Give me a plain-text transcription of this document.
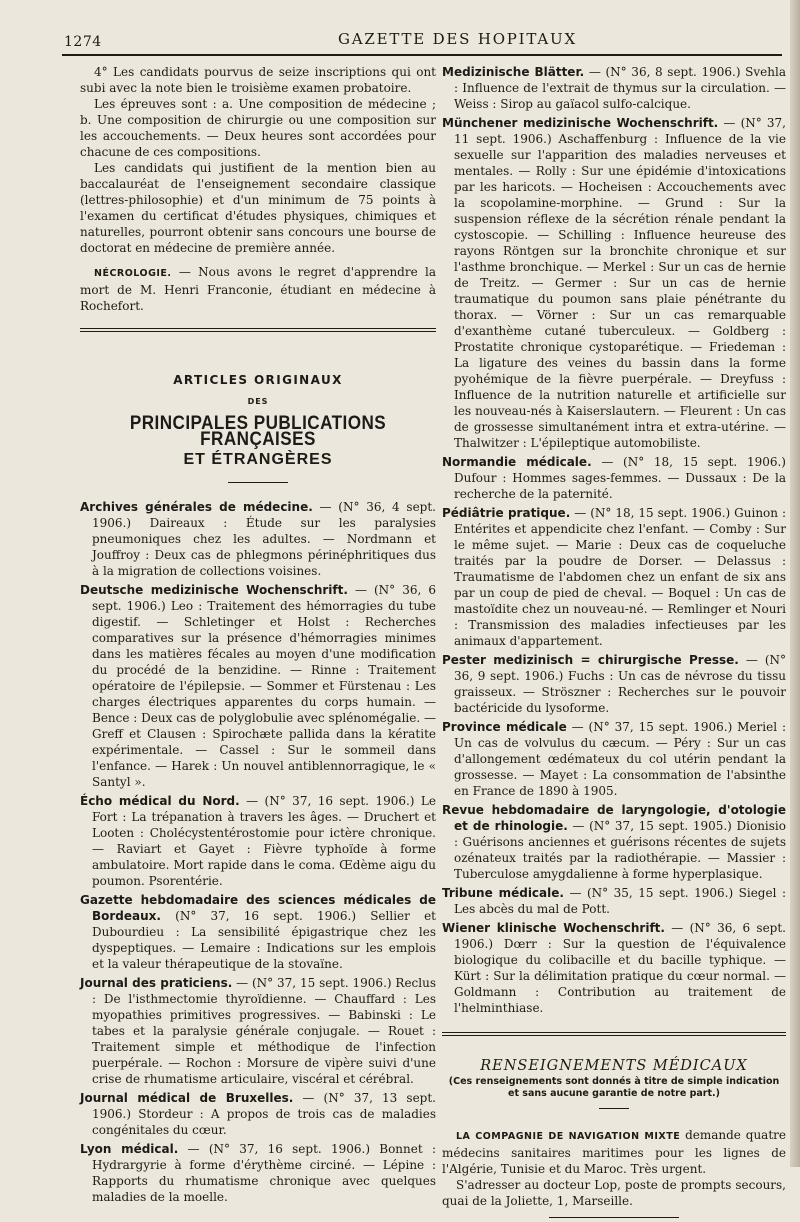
1274	GAZETTE DES HOPITAUX

4° Les candidats pourvus de seize inscriptions qui ont subi avec la note bien le troisième examen probatoire.

Les épreuves sont : a. Une composition de médecine ; b. Une composition de chirurgie ou une composition sur les accouchements. — Deux heures sont accordées pour chacune de ces compositions.

Les candidats qui justifient de la mention bien au baccalauréat de l'enseignement secondaire classique (lettres-philosophie) et d'un minimum de 75 points à l'examen du certificat d'études physiques, chimiques et naturelles, pourront obtenir sans concours une bourse de doctorat en médecine de première année.

NÉCROLOGIE. — Nous avons le regret d'apprendre la mort de M. Henri Franconie, étudiant en médecine à Rochefort.

ARTICLES ORIGINAUX
DES
PRINCIPALES PUBLICATIONS FRANÇAISES
ET ÉTRANGÈRES

Archives générales de médecine. — (N° 36, 4 sept. 1906.) Daireaux : Étude sur les paralysies pneumoniques chez les adultes. — Nordmann et Jouffroy : Deux cas de phlegmons périnéphritiques dus à la migration de collections voisines.

Deutsche medizinische Wochenschrift. — (N° 36, 6 sept. 1906.) Leo : Traitement des hémorragies du tube digestif. — Schletinger et Holst : Recherches comparatives sur la présence d'hémorragies minimes dans les matières fécales au moyen d'une modification du procédé de la benzidine. — Rinne : Traitement opératoire de l'épilepsie. — Sommer et Fürstenau : Les charges électriques apparentes du corps humain. — Bence : Deux cas de polyglobulie avec splénomégalie. — Greff et Clausen : Spirochæte pallida dans la kératite expérimentale. — Cassel : Sur le sommeil dans l'enfance. — Harek : Un nouvel antiblennorragique, le « Santyl ».

Écho médical du Nord. — (N° 37, 16 sept. 1906.) Le Fort : La trépanation à travers les âges. — Druchert et Looten : Cholécystentérostomie pour ictère chronique. — Raviart et Gayet : Fièvre typhoïde à forme ambulatoire. Mort rapide dans le coma. Œdème aigu du poumon. Psorentérie.

Gazette hebdomadaire des sciences médicales de Bordeaux. (N° 37, 16 sept. 1906.) Sellier et Dubourdieu : La sensibilité épigastrique chez les dyspeptiques. — Lemaire : Indications sur les emplois et la valeur thérapeutique de la stovaïne.

Journal des praticiens. — (N° 37, 15 sept. 1906.) Reclus : De l'isthmectomie thyroïdienne. — Chauffard : Les myopathies primitives progressives. — Babinski : Le tabes et la paralysie générale conjugale. — Rouet : Traitement simple et méthodique de l'infection puerpérale. — Rochon : Morsure de vipère suivi d'une crise de rhumatisme articulaire, viscéral et cérébral.

Journal médical de Bruxelles. — (N° 37, 13 sept. 1906.) Stordeur : A propos de trois cas de maladies congénitales du cœur.

Lyon médical. — (N° 37, 16 sept. 1906.) Bonnet : Hydrargyrie à forme d'érythème circiné. — Lépine : Rapports du rhumatisme chronique avec quelques maladies de la moelle.

Medizinische Blätter. — (N° 36, 8 sept. 1906.) Svehla : Influence de l'extrait de thymus sur la circulation. — Weiss : Sirop au gaïacol sulfo-calcique.

Münchener medizinische Wochenschrift. — (N° 37, 11 sept. 1906.) Aschaffenburg : Influence de la vie sexuelle sur l'apparition des maladies nerveuses et mentales. — Rolly : Sur une épidémie d'intoxications par les haricots. — Hocheisen : Accouchements avec la scopolamine-morphine. — Grund : Sur la suspension réflexe de la sécrétion rénale pendant la cystoscopie. — Schilling : Influence heureuse des rayons Röntgen sur la bronchite chronique et sur l'asthme bronchique. — Merkel : Sur un cas de hernie de Treitz. — Germer : Sur un cas de hernie traumatique du poumon sans plaie pénétrante du thorax. — Vörner : Sur un cas remarquable d'exanthème cutané tuberculeux. — Goldberg : Prostatite chronique cystoparétique. — Friedeman : La ligature des veines du bassin dans la forme pyohémique de la fièvre puerpérale. — Dreyfuss : Influence de la nutrition naturelle et artificielle sur les nouveau-nés à Kaiserslautern. — Fleurent : Un cas de grossesse simultanément intra et extra-utérine. — Thalwitzer : L'épileptique automobiliste.

Normandie médicale. — (N° 18, 15 sept. 1906.) Dufour : Hommes sages-femmes. — Dussaux : De la recherche de la paternité.

Pédiâtrie pratique. — (N° 18, 15 sept. 1906.) Guinon : Entérites et appendicite chez l'enfant. — Comby : Sur le même sujet. — Marie : Deux cas de coqueluche traités par la poudre de Dorser. — Delassus : Traumatisme de l'abdomen chez un enfant de six ans par un coup de pied de cheval. — Boquel : Un cas de mastoïdite chez un nouveau-né. — Remlinger et Nouri : Transmission des maladies infectieuses par les animaux d'appartement.

Pester medizinisch = chirurgische Presse. — (N° 36, 9 sept. 1906.) Fuchs : Un cas de névrose du tissu graisseux. — Ströszner : Recherches sur le pouvoir bactéricide du lysoforme.

Province médicale — (N° 37, 15 sept. 1906.) Meriel : Un cas de volvulus du cæcum. — Péry : Sur un cas d'allongement œdémateux du col utérin pendant la grossesse. — Mayet : La consommation de l'absinthe en France de 1890 à 1905.

Revue hebdomadaire de laryngologie, d'otologie et de rhinologie. — (N° 37, 15 sept. 1905.) Dionisio : Guérisons anciennes et guérisons récentes de sujets ozénateux traités par la radiothérapie. — Massier : Tuberculose amygdalienne à forme hyperplasique.

Tribune médicale. — (N° 35, 15 sept. 1906.) Siegel : Les abcès du mal de Pott.

Wiener klinische Wochenschrift. — (N° 36, 6 sept. 1906.) Dœrr : Sur la question de l'équivalence biologique du colibacille et du bacille typhique. — Kürt : Sur la délimitation pratique du cœur normal. — Goldmann : Contribution au traitement de l'helminthiase.

RENSEIGNEMENTS MÉDICAUX
(Ces renseignements sont donnés à titre de simple indication et sans aucune garantie de notre part.)

LA COMPAGNIE DE NAVIGATION MIXTE demande quatre médecins sanitaires maritimes pour les lignes de l'Algérie, Tunisie et du Maroc. Très urgent.

S'adresser au docteur Lop, poste de prompts secours, quai de la Joliette, 1, Marseille.
